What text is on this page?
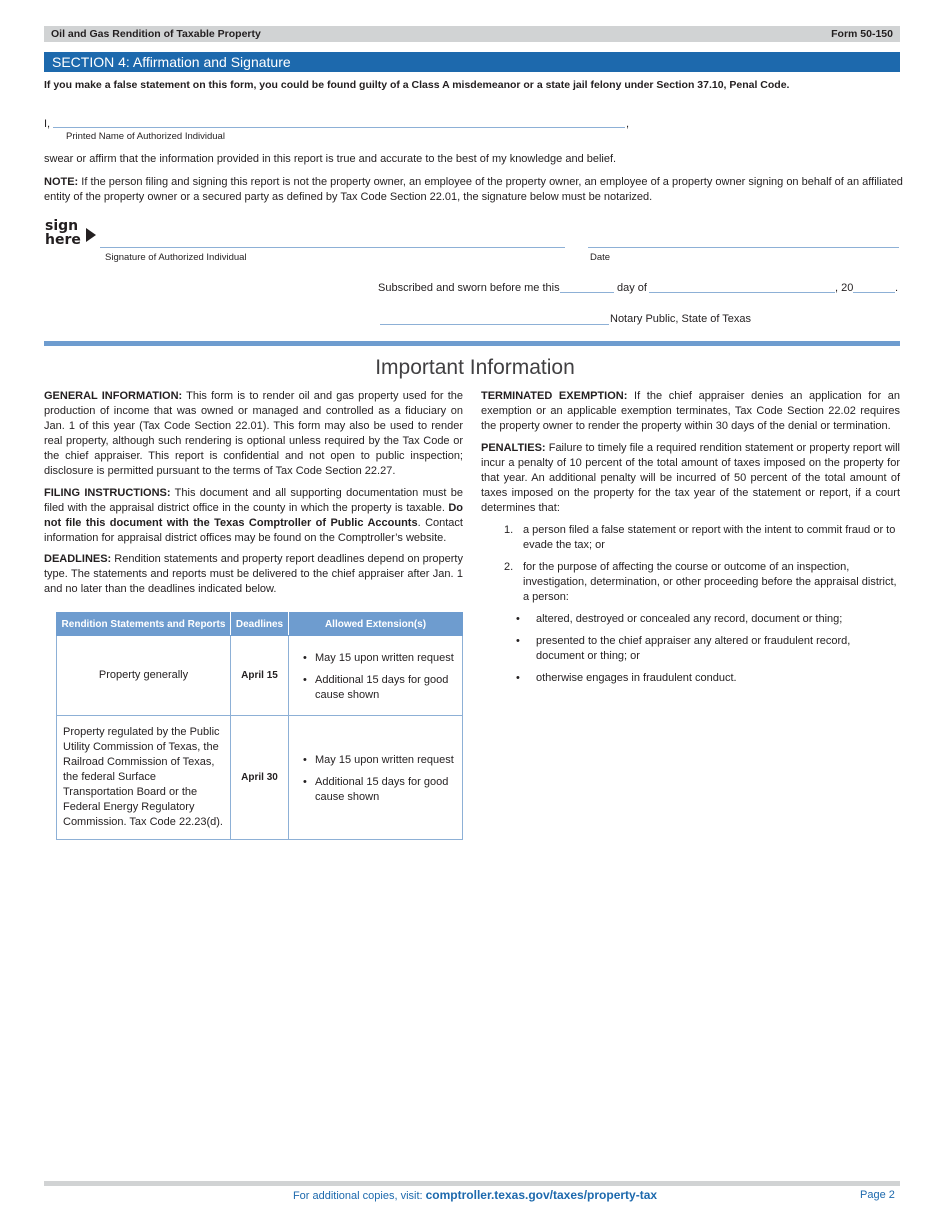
Oil and Gas Rendition of Taxable Property	Form 50-150
SECTION 4: Affirmation and Signature
If you make a false statement on this form, you could be found guilty of a Class A misdemeanor or a state jail felony under Section 37.10, Penal Code.
I,	,
Printed Name of Authorized Individual
swear or affirm that the information provided in this report is true and accurate to the best of my knowledge and belief.
NOTE: If the person filing and signing this report is not the property owner, an employee of the property owner, an employee of a property owner signing on behalf of an affiliated entity of the property owner or a secured party as defined by Tax Code Section 22.01, the signature below must be notarized.
sign
here
Signature of Authorized Individual	Date
Subscribed and sworn before me this	day of	, 20	.
Notary Public, State of Texas
Important Information
GENERAL INFORMATION: This form is to render oil and gas property used for the production of income that was owned or managed and controlled as a fiduciary on Jan. 1 of this year (Tax Code Section 22.01). This form may also be used to render real property, although such rendering is optional unless required by the Tax Code or the chief appraiser. This report is confidential and not open to public inspection; disclosure is permitted pursuant to the terms of Tax Code Section 22.27.
FILING INSTRUCTIONS: This document and all supporting documentation must be filed with the appraisal district office in the county in which the property is taxable. Do not file this document with the Texas Comptroller of Public Accounts. Contact information for appraisal district offices may be found on the Comptroller’s website.
DEADLINES: Rendition statements and property report deadlines depend on property type. The statements and reports must be delivered to the chief appraiser after Jan. 1 and no later than the deadlines indicated below.
Rendition Statements and Reports	Deadlines	Allowed Extension(s)
Property generally	April 15	• May 15 upon written request
• Additional 15 days for good cause shown

Property regulated by the Public Utility Commission of Texas, the Railroad Commission of Texas, the federal Surface Transportation Board or the Federal Energy Regulatory Commission. Tax Code 22.23(d).	April 30	• May 15 upon written request
• Additional 15 days for good cause shown
TERMINATED EXEMPTION: If the chief appraiser denies an application for an exemption or an applicable exemption terminates, Tax Code Section 22.02 requires the property owner to render the property within 30 days of the denial or termination.
PENALTIES: Failure to timely file a required rendition statement or property report will incur a penalty of 10 percent of the total amount of taxes imposed on the property for that year. An additional penalty will be incurred of 50 percent of the total amount of taxes imposed on the property for the tax year of the statement or report, if a court determines that:
1. a person filed a false statement or report with the intent to commit fraud or to evade the tax; or
2. for the purpose of affecting the course or outcome of an inspection, investigation, determination, or other proceeding before the appraisal district, a person:
• altered, destroyed or concealed any record, document or thing;
• presented to the chief appraiser any altered or fraudulent record, document or thing; or
• otherwise engages in fraudulent conduct.
For additional copies, visit: comptroller.texas.gov/taxes/property-tax	Page 2
